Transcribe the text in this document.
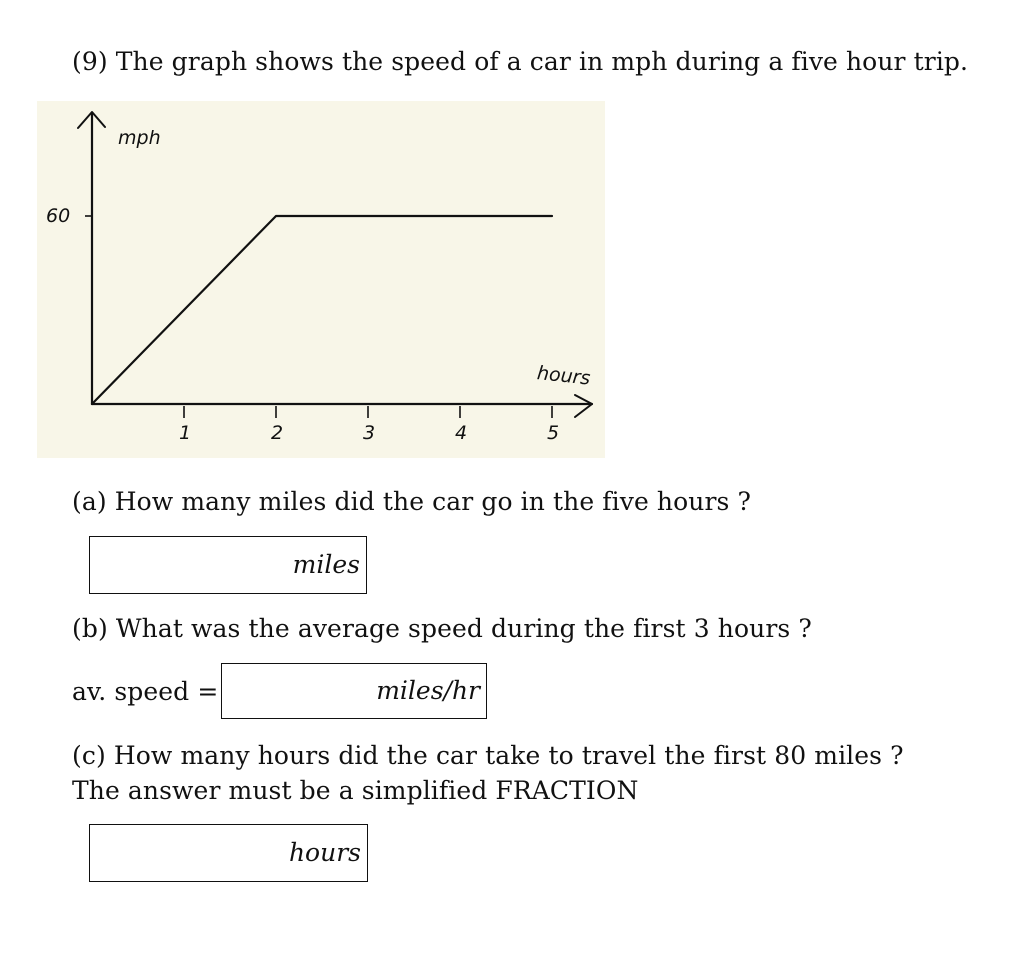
(9) The graph shows the speed of a car in mph during a five hour trip.
mph
hours
60
1	2	3	4	5
(a) How many miles did the car go in the five hours ?
miles
(b) What was the average speed during the first 3 hours ?
av. speed =	miles/hr
(c) How many hours did the car take to travel the first 80 miles ?
The answer must be a simplified FRACTION
hours
